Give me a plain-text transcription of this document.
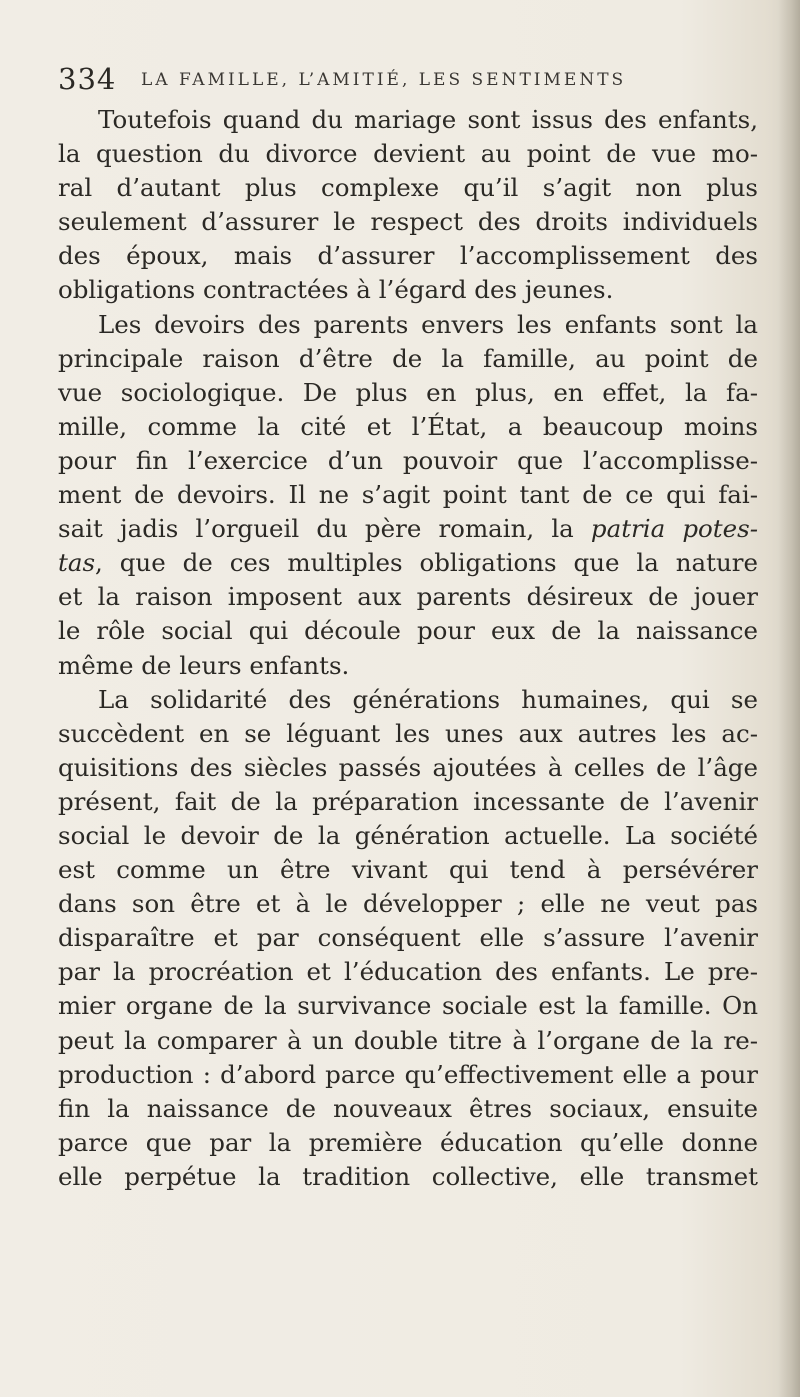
334 LA FAMILLE, L’AMITIÉ, LES SENTIMENTS
Toutefois quand du mariage sont issus des enfants,
la question du divorce devient au point de vue mo-
ral d’autant plus complexe qu’il s’agit non plus
seulement d’assurer le respect des droits individuels
des époux, mais d’assurer l’accomplissement des
obligations contractées à l’égard des jeunes.
Les devoirs des parents envers les enfants sont la
principale raison d’être de la famille, au point de
vue sociologique. De plus en plus, en effet, la fa-
mille, comme la cité et l’État, a beaucoup moins
pour fin l’exercice d’un pouvoir que l’accomplisse-
ment de devoirs. Il ne s’agit point tant de ce qui fai-
sait jadis l’orgueil du père romain, la patria potes-
tas, que de ces multiples obligations que la nature
et la raison imposent aux parents désireux de jouer
le rôle social qui découle pour eux de la naissance
même de leurs enfants.
La solidarité des générations humaines, qui se
succèdent en se léguant les unes aux autres les ac-
quisitions des siècles passés ajoutées à celles de l’âge
présent, fait de la préparation incessante de l’avenir
social le devoir de la génération actuelle. La société
est comme un être vivant qui tend à persévérer
dans son être et à le développer ; elle ne veut pas
disparaître et par conséquent elle s’assure l’avenir
par la procréation et l’éducation des enfants. Le pre-
mier organe de la survivance sociale est la famille. On
peut la comparer à un double titre à l’organe de la re-
production : d’abord parce qu’effectivement elle a pour
fin la naissance de nouveaux êtres sociaux, ensuite
parce que par la première éducation qu’elle donne
elle perpétue la tradition collective, elle transmet
